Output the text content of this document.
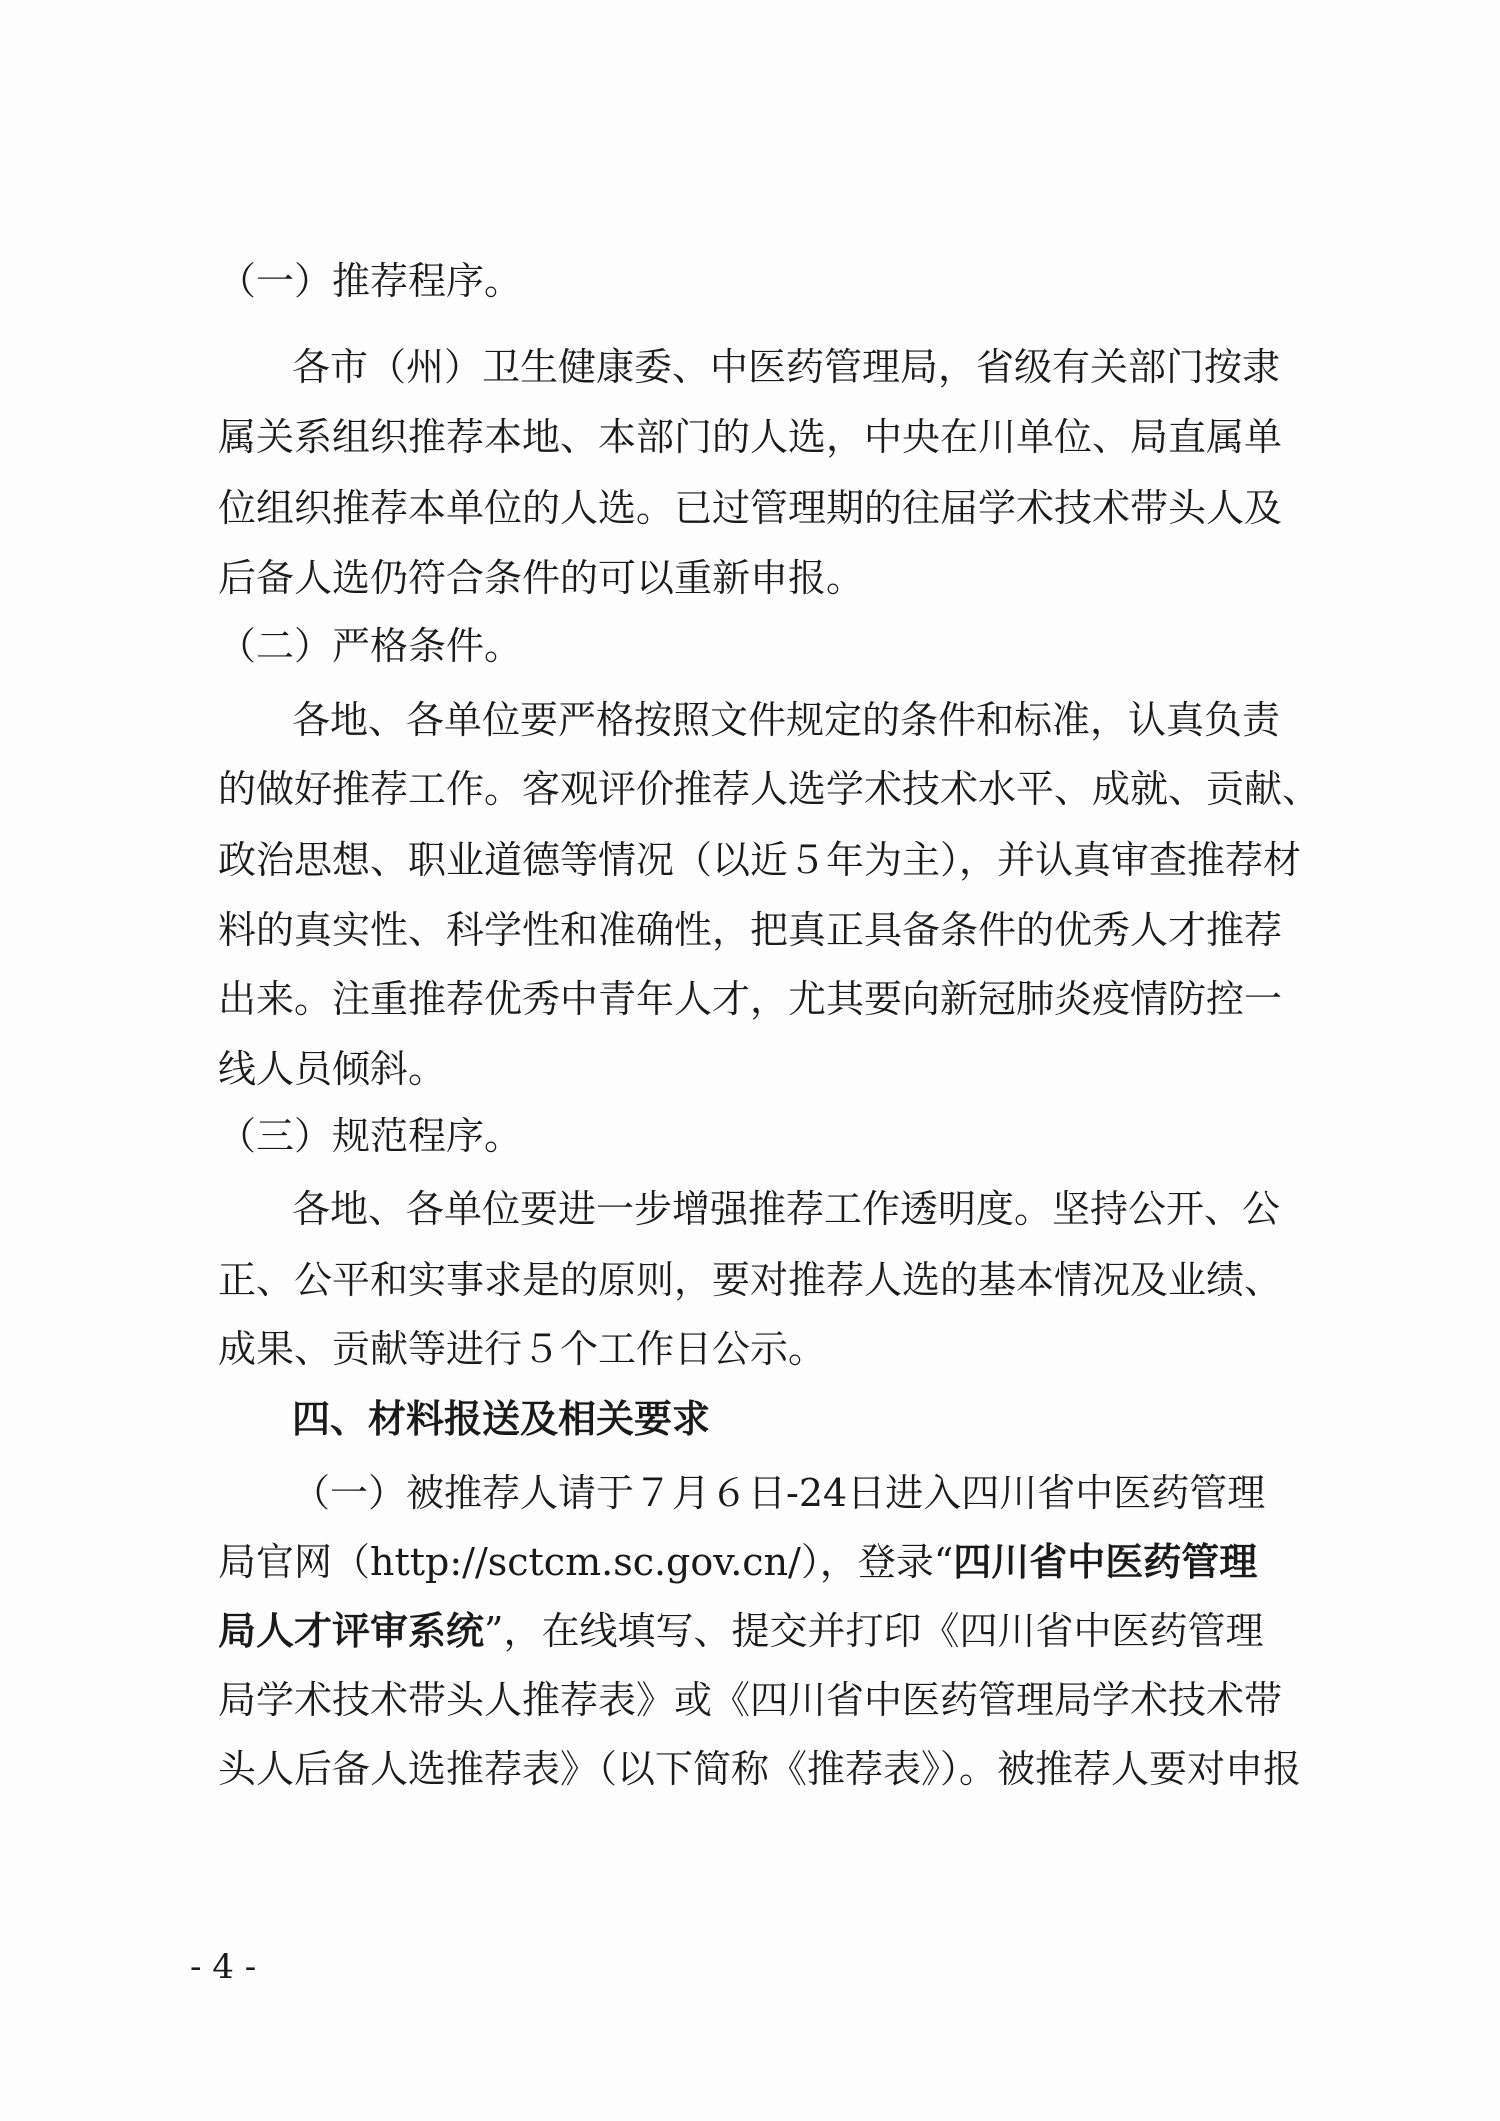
（一）推荐程序。
各市（州）卫生健康委、中医药管理局，省级有关部门按隶
属关系组织推荐本地、本部门的人选，中央在川单位、局直属单
位组织推荐本单位的人选。已过管理期的往届学术技术带头人及
后备人选仍符合条件的可以重新申报。
（二）严格条件。
各地、各单位要严格按照文件规定的条件和标准，认真负责
的做好推荐工作。客观评价推荐人选学术技术水平、成就、贡献、
政治思想、职业道德等情况（以近５年为主），并认真审查推荐材
料的真实性、科学性和准确性，把真正具备条件的优秀人才推荐
出来。注重推荐优秀中青年人才，尤其要向新冠肺炎疫情防控一
线人员倾斜。
（三）规范程序。
各地、各单位要进一步增强推荐工作透明度。坚持公开、公
正、公平和实事求是的原则，要对推荐人选的基本情况及业绩、
成果、贡献等进行５个工作日公示。
四、材料报送及相关要求
（一）被推荐人请于７月６日-24日进入四川省中医药管理
局官网（http://sctcm.sc.gov.cn/），登录“四川省中医药管理
局人才评审系统”，在线填写、提交并打印《四川省中医药管理
局学术技术带头人推荐表》或《四川省中医药管理局学术技术带
头人后备人选推荐表》（以下简称《推荐表》）。被推荐人要对申报
- 4 -
